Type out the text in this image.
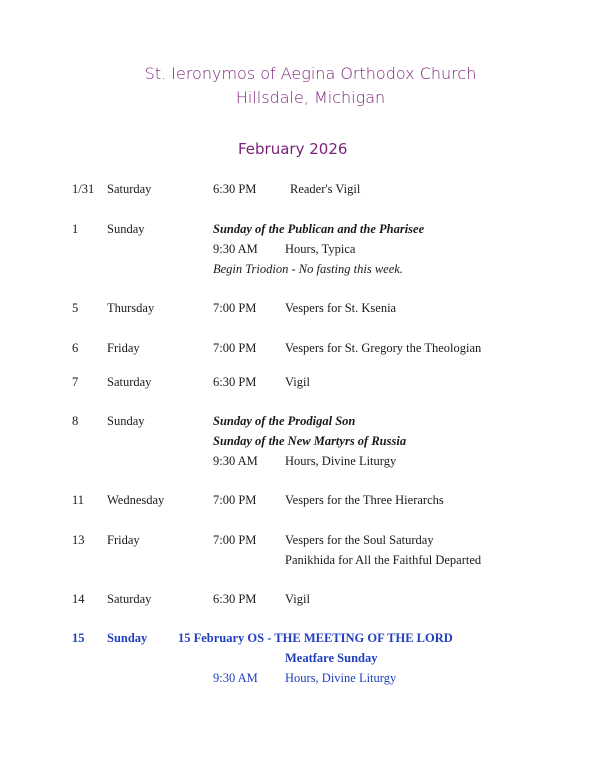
St. Ieronymos of Aegina Orthodox Church
Hillsdale, Michigan
February 2026
1/31 Saturday	6:30 PM	Reader's Vigil
1 Sunday	Sunday of the Publican and the Pharisee
9:30 AM Hours, Typica
Begin Triodion - No fasting this week.
5 Thursday	7:00 PM Vespers for St. Ksenia
6 Friday	7:00 PM Vespers for St. Gregory the Theologian
7 Saturday	6:30 PM Vigil
8 Sunday	Sunday of the Prodigal Son
Sunday of the New Martyrs of Russia
9:30 AM Hours, Divine Liturgy
11 Wednesday	7:00 PM Vespers for the Three Hierarchs
13 Friday	7:00 PM Vespers for the Soul Saturday
Panikhida for All the Faithful Departed
14 Saturday	6:30 PM Vigil
15 Sunday 15 February OS - THE MEETING OF THE LORD
Meatfare Sunday
9:30 AM Hours, Divine Liturgy
